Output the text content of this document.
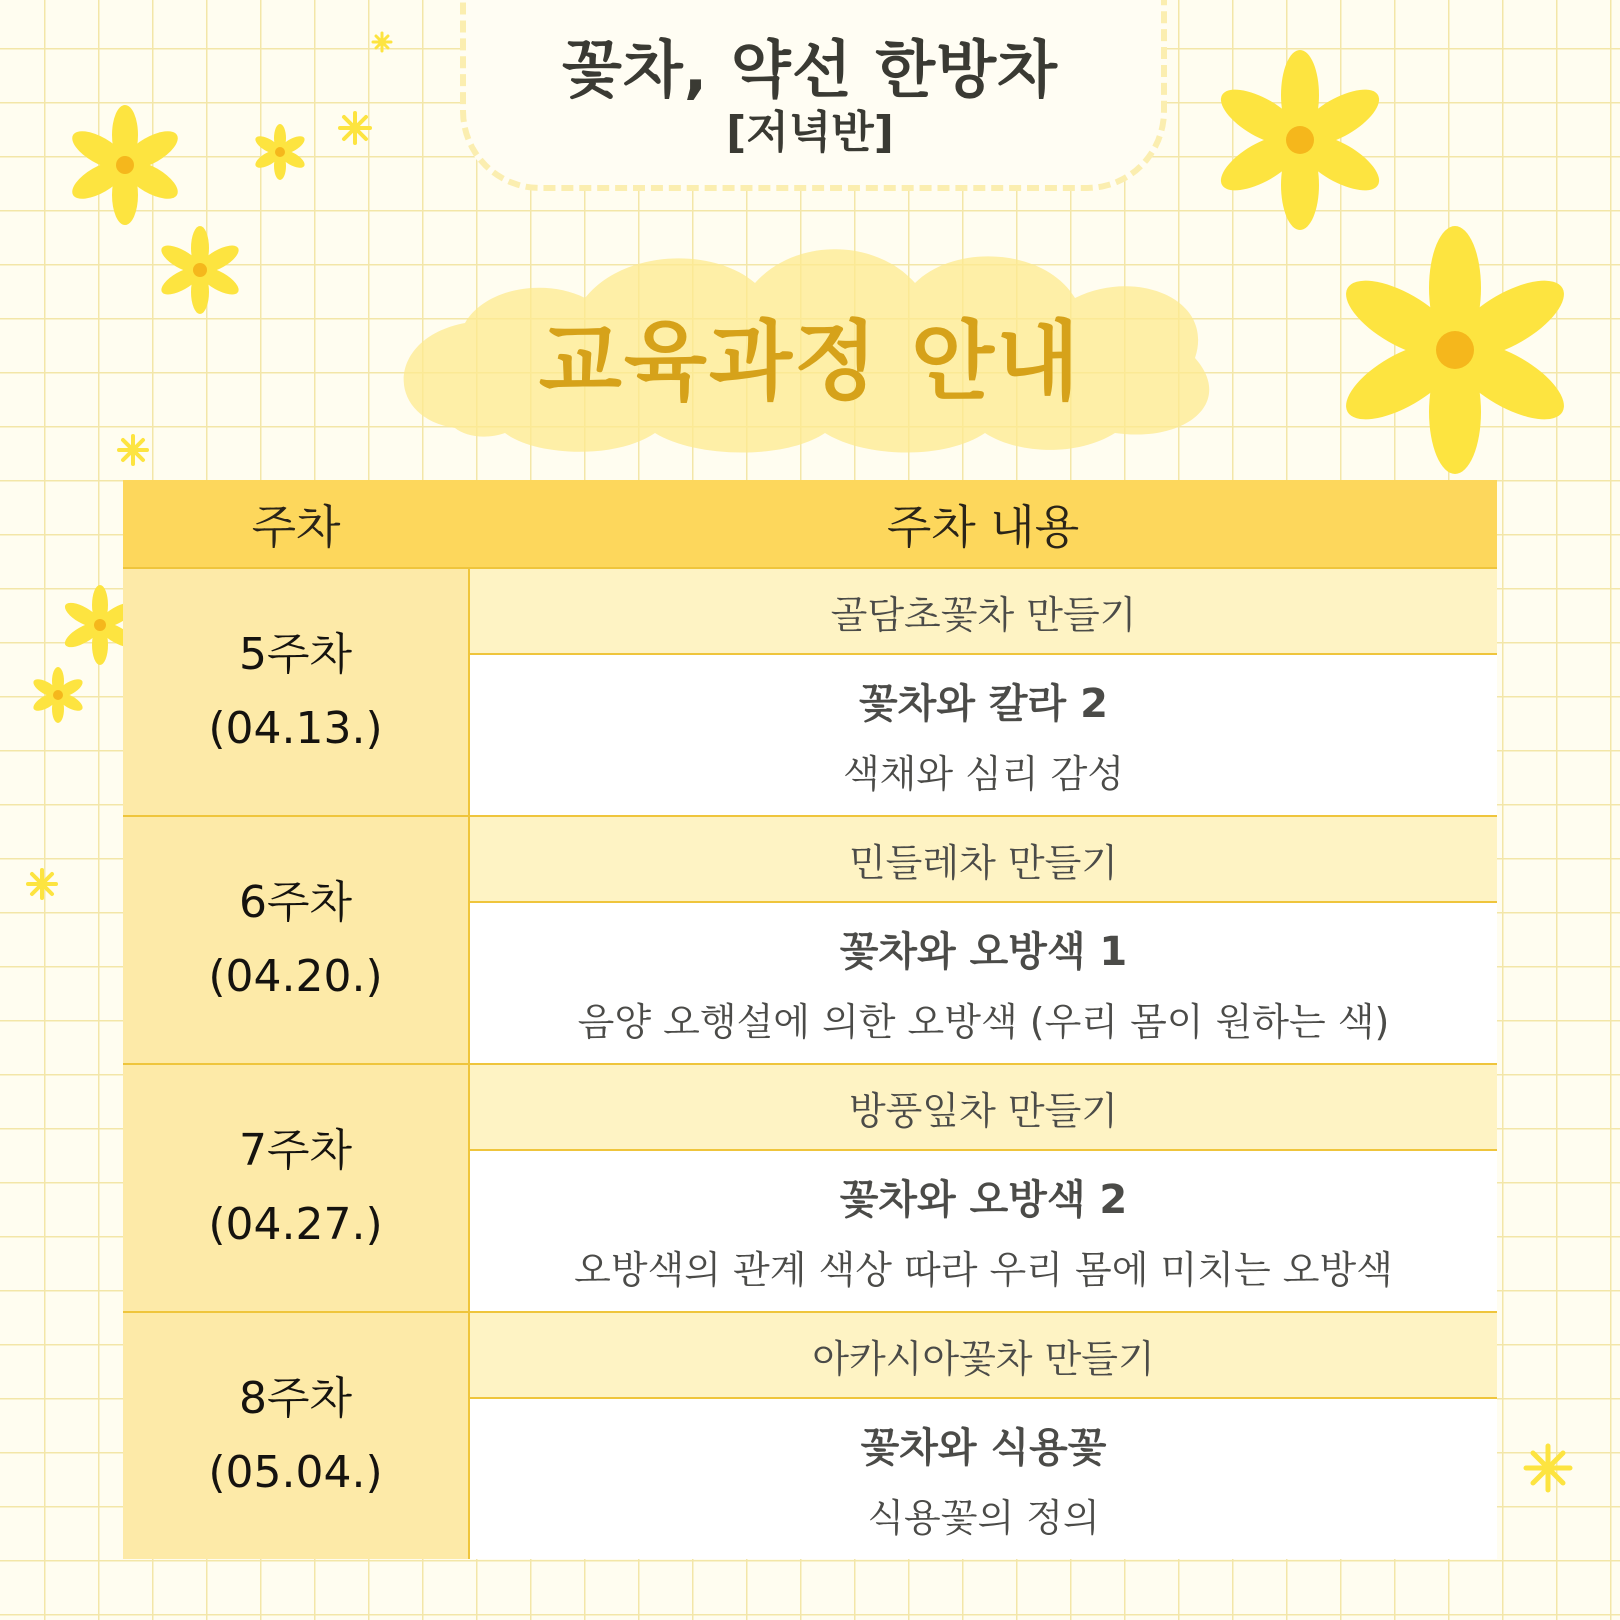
꽃차, 약선 한방차
[저녁반]
교육과정 안내
주차	주차 내용

5주차
(04.13.)	골담초꽃차 만들기

	꽃차와 칼라 2
색채와 심리 감성

6주차
(04.20.)	민들레차 만들기

	꽃차와 오방색 1
음양 오행설에 의한 오방색 (우리 몸이 원하는 색)

7주차
(04.27.)	방풍잎차 만들기

	꽃차와 오방색 2
오방색의 관계 색상 따라 우리 몸에 미치는 오방색

8주차
(05.04.)	아카시아꽃차 만들기

	꽃차와 식용꽃
식용꽃의 정의
